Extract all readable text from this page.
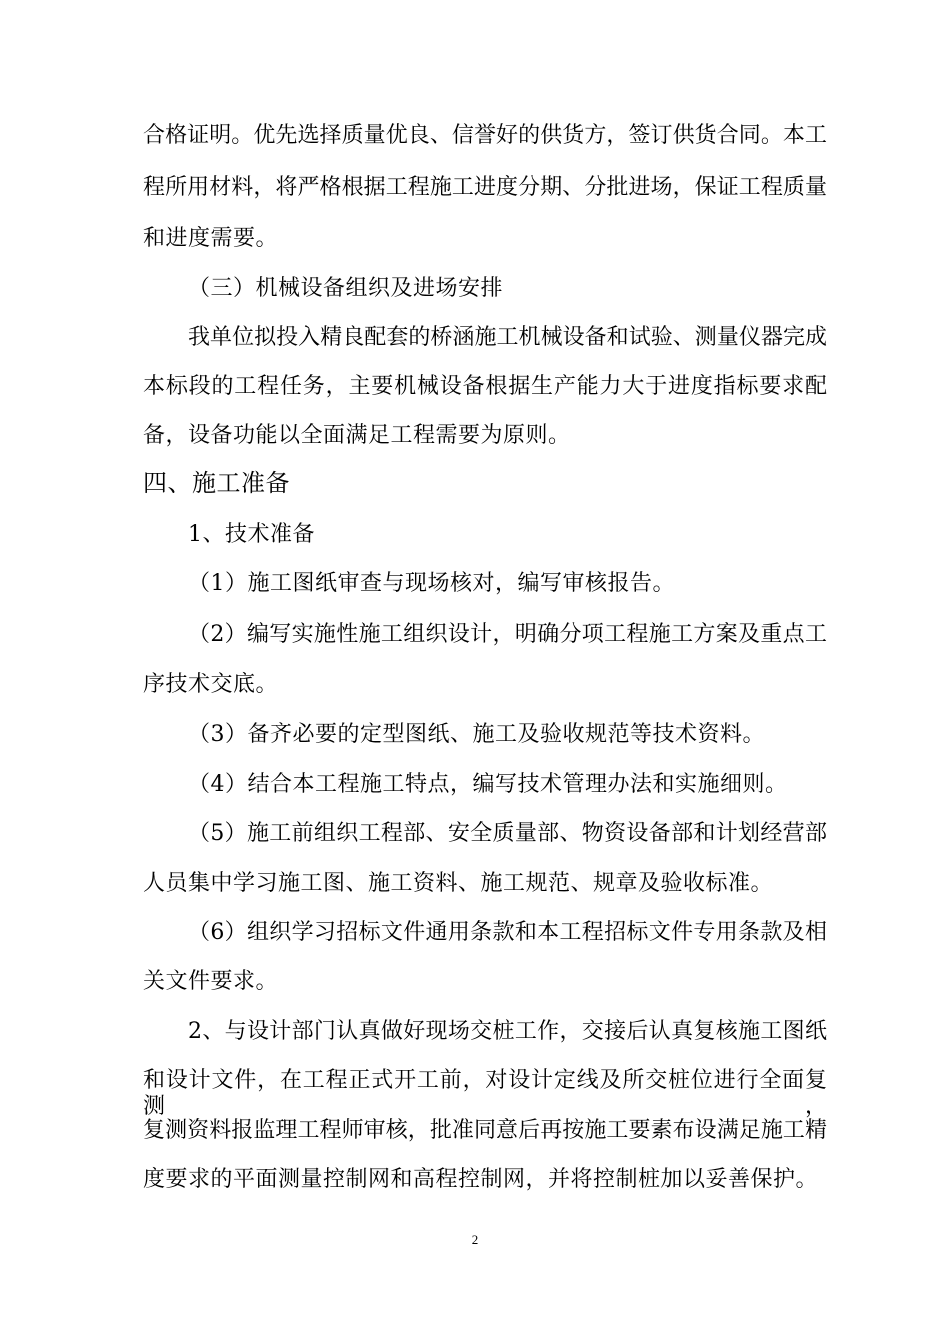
合格证明。优先选择质量优良、信誉好的供货方，签订供货合同。本工
程所用材料，将严格根据工程施工进度分期、分批进场，保证工程质量
和进度需要。
（三）机械设备组织及进场安排
我单位拟投入精良配套的桥涵施工机械设备和试验、测量仪器完成
本标段的工程任务，主要机械设备根据生产能力大于进度指标要求配
备，设备功能以全面满足工程需要为原则。
四、施工准备
1、技术准备
（1）施工图纸审查与现场核对，编写审核报告。
（2）编写实施性施工组织设计，明确分项工程施工方案及重点工
序技术交底。
（3）备齐必要的定型图纸、施工及验收规范等技术资料。
（4）结合本工程施工特点，编写技术管理办法和实施细则。
（5）施工前组织工程部、安全质量部、物资设备部和计划经营部
人员集中学习施工图、施工资料、施工规范、规章及验收标准。
（6）组织学习招标文件通用条款和本工程招标文件专用条款及相
关文件要求。
2、与设计部门认真做好现场交桩工作，交接后认真复核施工图纸
和设计文件，在工程正式开工前，对设计定线及所交桩位进行全面复测，
复测资料报监理工程师审核，批准同意后再按施工要素布设满足施工精
度要求的平面测量控制网和高程控制网，并将控制桩加以妥善保护。
2
